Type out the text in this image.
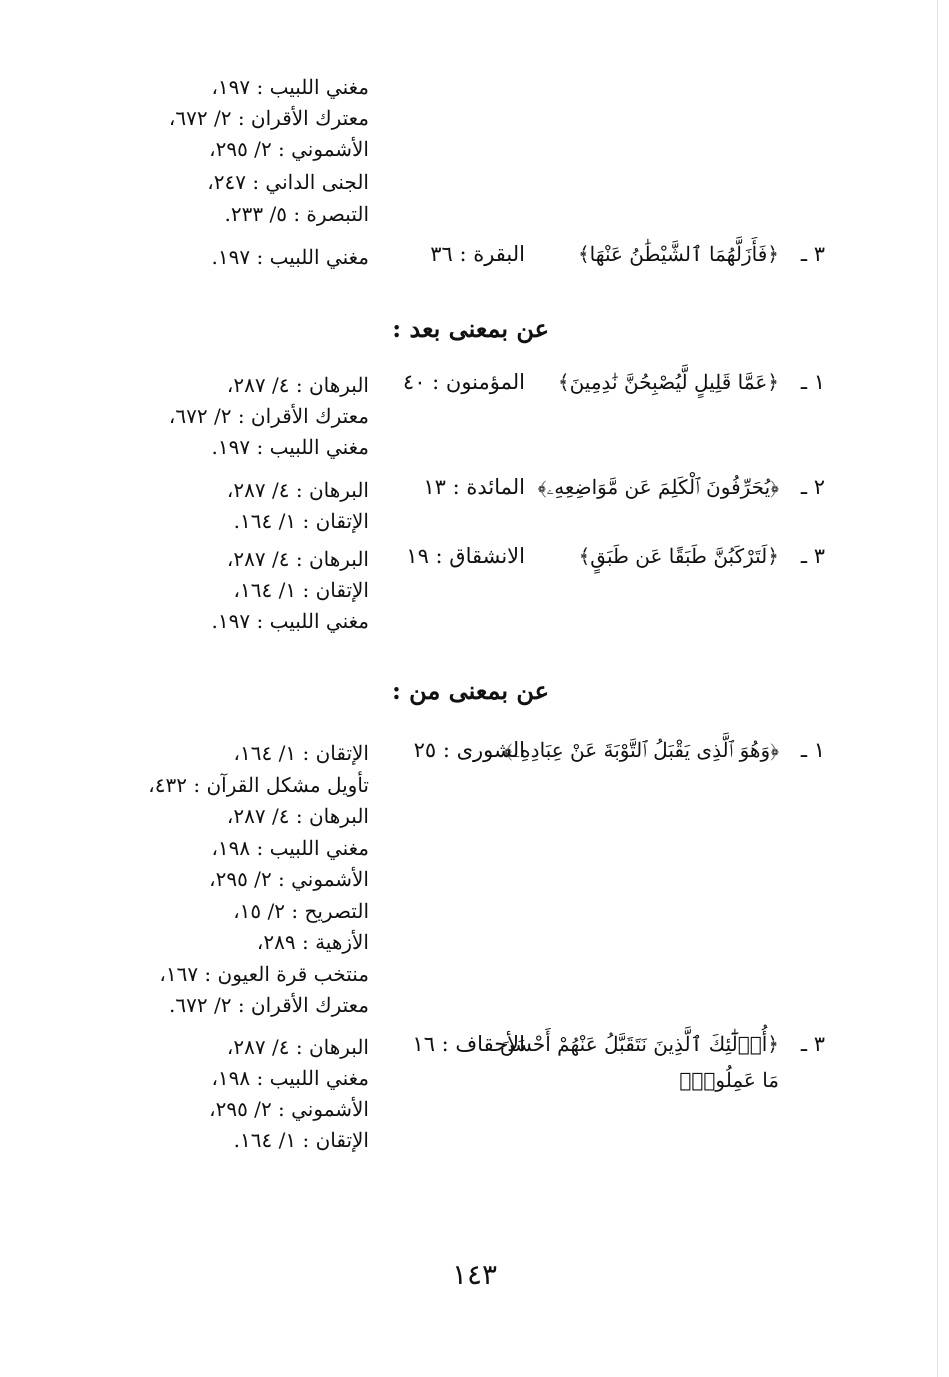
مغني اللبيب : ١٩٧،
معترك الأقران : ٢/ ٦٧٢،
الأشموني : ٢/ ٢٩٥،
الجنى الداني : ٢٤٧،
التبصرة : ٥/ ٢٣٣.
٣ ـ
﴿فَأَزَلَّهُمَا ٱلشَّيْطَٰنُ عَنْهَا﴾
البقرة : ٣٦
مغني اللبيب : ١٩٧.
عن بمعنى بعد :
١ ـ
﴿عَمَّا قَلِيلٍ لَّيُصْبِحُنَّ نَٰدِمِينَ﴾
المؤمنون : ٤٠
البرهان : ٤/ ٢٨٧،
معترك الأقران : ٢/ ٦٧٢،
مغني اللبيب : ١٩٧.
٢ ـ
﴿يُحَرِّفُونَ ٱلْكَلِمَ عَن مَّوَاضِعِهِۦ﴾
المائدة : ١٣
البرهان : ٤/ ٢٨٧،
الإتقان : ١/ ١٦٤.
٣ ـ
﴿لَتَرْكَبُنَّ طَبَقًا عَن طَبَقٍ﴾
الانشقاق : ١٩
البرهان : ٤/ ٢٨٧،
الإتقان : ١/ ١٦٤،
مغني اللبيب : ١٩٧.
عن بمعنى من :
١ ـ
﴿وَهُوَ ٱلَّذِى يَقْبَلُ ٱلتَّوْبَةَ عَنْ عِبَادِهِۦ﴾
الشورى : ٢٥
الإتقان : ١/ ١٦٤،
تأويل مشكل القرآن : ٤٣٢،
البرهان : ٤/ ٢٨٧،
مغني اللبيب : ١٩٨،
الأشموني : ٢/ ٢٩٥،
التصريح : ٢/ ١٥،
الأزهية : ٢٨٩،
منتخب قرة العيون : ١٦٧،
معترك الأقران : ٢/ ٦٧٢.
٣ ـ
﴿أُو۟لَٰٓئِكَ ٱلَّذِينَ نَتَقَبَّلُ عَنْهُمْ أَحْسَنَ
مَا عَمِلُوا۟﴾
الأحقاف : ١٦
البرهان : ٤/ ٢٨٧،
مغني اللبيب : ١٩٨،
الأشموني : ٢/ ٢٩٥،
الإتقان : ١/ ١٦٤.
١٤٣
